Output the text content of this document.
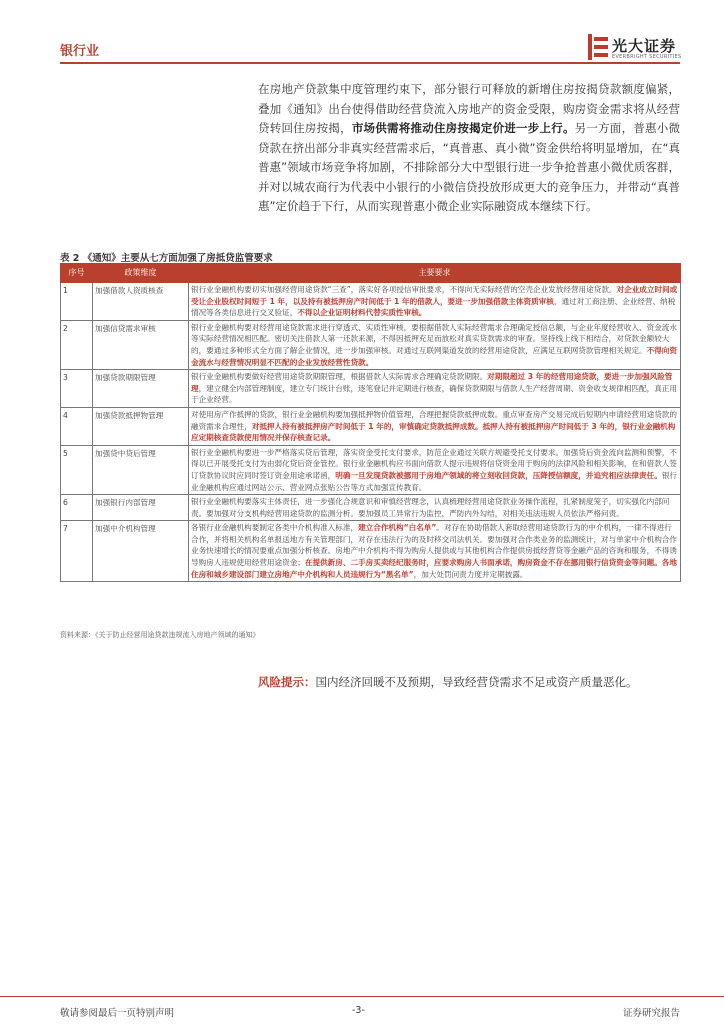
银行业	光大证券
EVERBRIGHT SECURITIES
在房地产贷款集中度管理约束下，部分银行可释放的新增住房按揭贷款额度偏紧，叠加《通知》出台使得借助经营贷流入房地产的资金受限，购房资金需求将从经营贷转回住房按揭，市场供需将推动住房按揭定价进一步上行。另一方面，普惠小微贷款在挤出部分非真实经营需求后，“真普惠、真小微”资金供给将明显增加，在“真普惠”领域市场竞争将加剧，不排除部分大中型银行进一步争抢普惠小微优质客群，并对以城农商行为代表中小银行的小微信贷投放形成更大的竞争压力，并带动“真普惠”定价趋于下行，从而实现普惠小微企业实际融资成本继续下行。
表 2 《通知》主要从七方面加强了房抵贷监管要求
序号	政策维度	主要要求
1	加强借款人资质核查	银行业金融机构要切实加强经营用途贷款“三查”，落实好各项授信审批要求，不得向无实际经营的空壳企业发放经营用途贷款。对企业成立时间或受让企业股权时间短于 1 年，以及持有被抵押房产时间低于 1 年的借款人，要进一步加强借款主体资质审核，通过对工商注册、企业经营、纳税情况等各类信息进行交叉验证，不得以企业证明材料代替实质性审核。
2	加强信贷需求审核	银行业金融机构要对经营用途贷款需求进行穿透式、实质性审核，要根据借款人实际经营需求合理确定授信总额，与企业年度经营收入、资金流水等实际经营情况相匹配。密切关注借款人第一还款来源，不得因抵押充足而放松对真实贷款需求的审查。坚持线上线下相结合，对贷款金额较大的，要通过多种形式全方面了解企业情况，进一步加强审核。对通过互联网渠道发放的经营用途贷款，应满足互联网贷款管理相关规定。不得向资金流水与经营情况明显不匹配的企业发放经营性贷款。
3	加强贷款期限管理	银行业金融机构要做好经营用途贷款期限管理，根据借款人实际需求合理确定贷款期限。对期限超过 3 年的经营用途贷款，要进一步加强风险管理，建立健全内部管理制度，建立专门统计台账，逐笔登记并定期进行核查，确保贷款期限与借款人生产经营周期、资金收支规律相匹配，真正用于企业经营。
4	加强贷款抵押物管理	对使用房产作抵押的贷款，银行业金融机构要加强抵押物价值管理，合理把握贷款抵押成数。重点审查房产交易完成后短期内申请经营用途贷款的融资需求合理性，对抵押人持有被抵押房产时间低于 1 年的，审慎确定贷款抵押成数。抵押人持有被抵押房产时间低于 3 年的，银行业金融机构应定期核查贷款使用情况并保存核查记录。
5	加强贷中贷后管理	银行业金融机构要进一步严格落实贷后管理，落实资金受托支付要求，防范企业通过关联方规避受托支付要求。加强贷后资金流向监测和预警，不得以已开展受托支付为由弱化贷后资金管控。银行业金融机构应书面向借款人提示违规将信贷资金用于购房的法律风险和相关影响，在和借款人签订贷款协议时应同时签订资金用途承诺函，明确一旦发现贷款被挪用于房地产领域的将立刻收回贷款，压降授信额度，并追究相应法律责任。银行业金融机构应通过网站公示、营业网点张贴公告等方式加强宣传教育。
6	加强银行内部管理	银行业金融机构要落实主体责任，进一步强化合规意识和审慎经营理念，认真梳理经营用途贷款业务操作流程，扎紧制度笼子，切实强化内部问责。要加强对分支机构经营用途贷款的监测分析。要加强员工异常行为监控，严防内外勾结，对相关违法违规人员依法严格问责。
7	加强中介机构管理	各银行业金融机构要制定各类中介机构准入标准，建立合作机构“白名单”。对存在协助借款人套取经营用途贷款行为的中介机构，一律不得进行合作，并将相关机构名单报送地方有关管理部门，对存在违法行为的及时移交司法机关。要加强对合作类业务的监测统计，对与单家中介机构合作业务快速增长的情况要重点加强分析核查。房地产中介机构不得为购房人提供或与其他机构合作提供房抵经营贷等金融产品的咨询和服务，不得诱导购房人违规使用经营用途资金；在提供新房、二手房买卖经纪服务时，应要求购房人书面承诺，购房资金不存在挪用银行信贷资金等问题。各地住房和城乡建设部门建立房地产中介机构和人员违规行为“黑名单”，加大处罚问责力度并定期披露。
资料来源：《关于防止经营用途贷款违规流入房地产领域的通知》
风险提示：国内经济回暖不及预期，导致经营贷需求不足或资产质量恶化。
敬请参阅最后一页特别声明	-3-	证券研究报告
